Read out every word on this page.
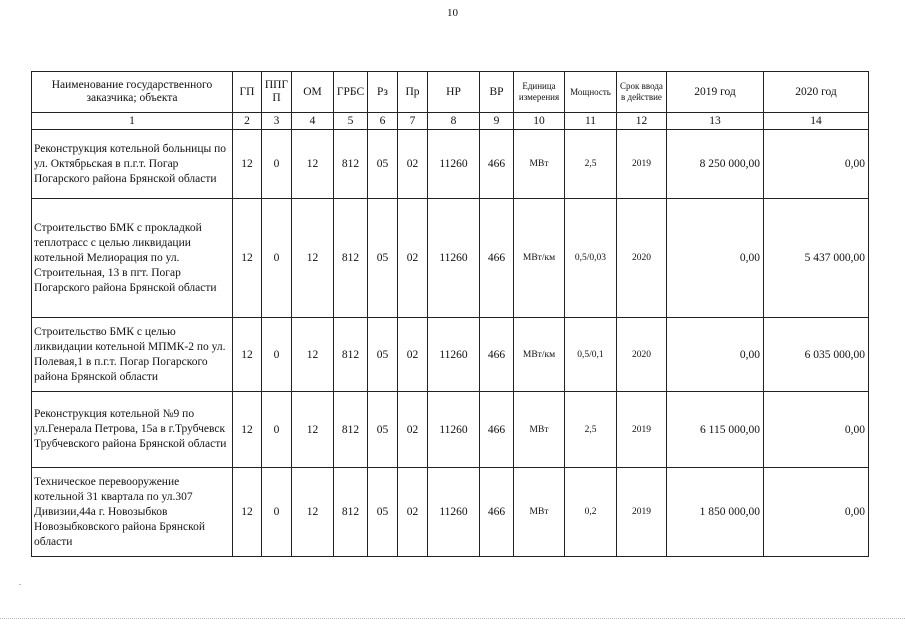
10
Наименование государственного заказчика; объекта	ГП	ППГ
П	ОМ	ГРБС	Рз	Пр	НР	ВР	Единица измерения	Мощность	Срок ввода в действие	2019 год	2020 год
1	2	3	4	5	6	7	8	9	10	11	12	13	14
Реконструкция котельной больницы по ул. Октябрьская в п.г.т. Погар Погарского района Брянской области	12	0	12	812	05	02	11260	466	МВт	2,5	2019	8 250 000,00	0,00
Строительство БМК с прокладкой теплотрасс с целью ликвидации котельной Мелиорация по ул. Строительная, 13 в пгт. Погар Погарского района Брянской области	12	0	12	812	05	02	11260	466	МВт/км	0,5/0,03	2020	0,00	5 437 000,00
Строительство БМК с целью ликвидации котельной МПМК-2 по ул. Полевая,1 в п.г.т. Погар Погарского района Брянской области	12	0	12	812	05	02	11260	466	МВт/км	0,5/0,1	2020	0,00	6 035 000,00
Реконструкция котельной №9 по ул.Генерала Петрова, 15а в г.Трубчевск Трубчевского района Брянской области	12	0	12	812	05	02	11260	466	МВт	2,5	2019	6 115 000,00	0,00
Техническое перевооружение котельной 31 квартала по ул.307 Дивизии,44а г. Новозыбков Новозыбковского района Брянской области	12	0	12	812	05	02	11260	466	МВт	0,2	2019	1 850 000,00	0,00
